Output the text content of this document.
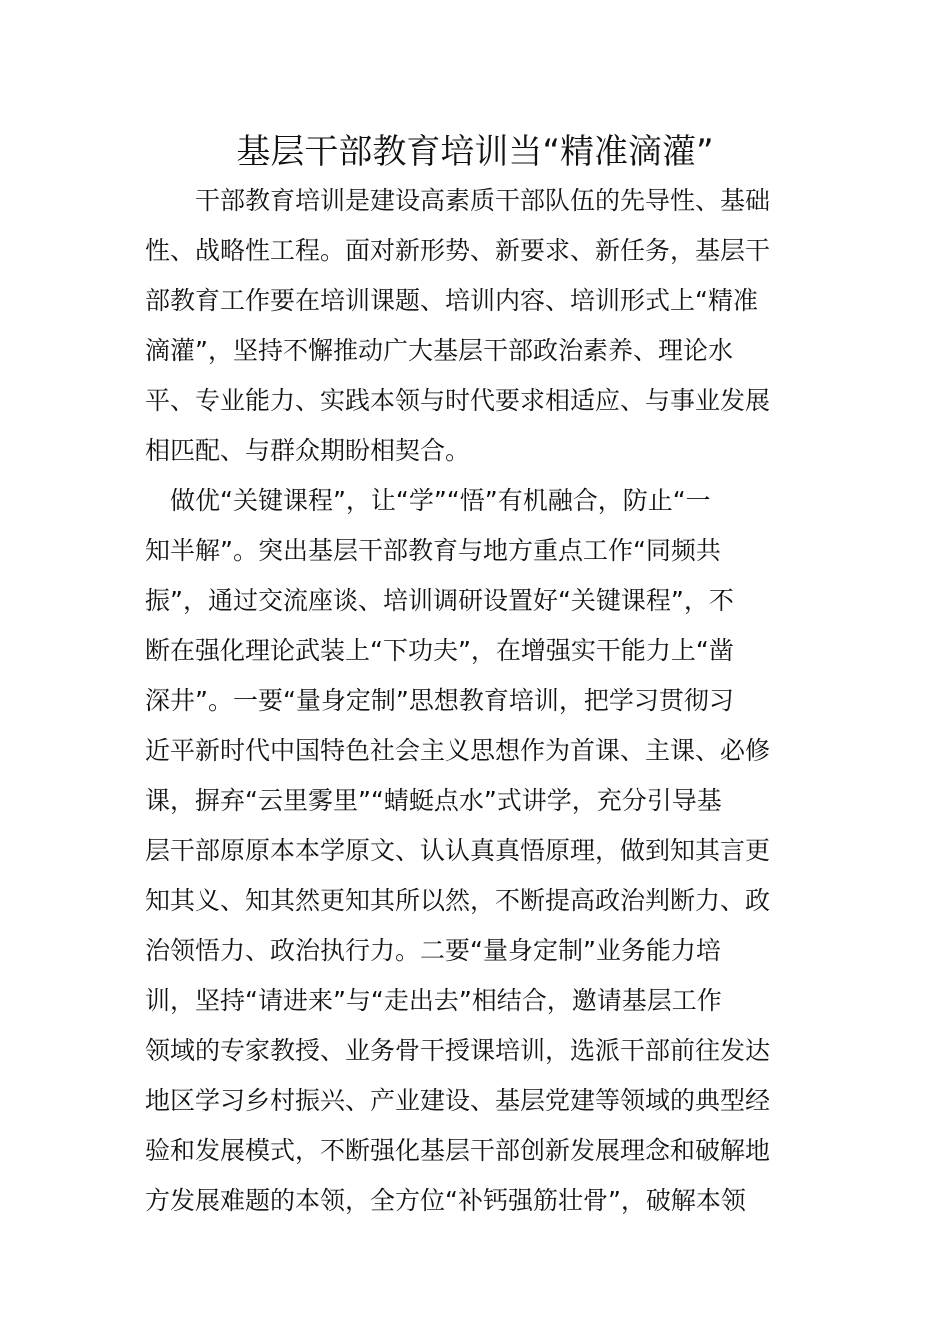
基层干部教育培训当“精准滴灌”
　　干部教育培训是建设高素质干部队伍的先导性、基础
性、战略性工程。面对新形势、新要求、新任务，基层干
部教育工作要在培训课题、培训内容、培训形式上“精准
滴灌”，坚持不懈推动广大基层干部政治素养、理论水
平、专业能力、实践本领与时代要求相适应、与事业发展
相匹配、与群众期盼相契合。
　做优“关键课程”，让“学”“悟”有机融合，防止“一
知半解”。突出基层干部教育与地方重点工作“同频共
振”，通过交流座谈、培训调研设置好“关键课程”，不
断在强化理论武装上“下功夫”，在增强实干能力上“凿
深井”。一要“量身定制”思想教育培训，把学习贯彻习
近平新时代中国特色社会主义思想作为首课、主课、必修
课，摒弃“云里雾里”“蜻蜓点水”式讲学，充分引导基
层干部原原本本学原文、认认真真悟原理，做到知其言更
知其义、知其然更知其所以然，不断提高政治判断力、政
治领悟力、政治执行力。二要“量身定制”业务能力培
训，坚持“请进来”与“走出去”相结合，邀请基层工作
领域的专家教授、业务骨干授课培训，选派干部前往发达
地区学习乡村振兴、产业建设、基层党建等领域的典型经
验和发展模式，不断强化基层干部创新发展理念和破解地
方发展难题的本领，全方位“补钙强筋壮骨”，破解本领
